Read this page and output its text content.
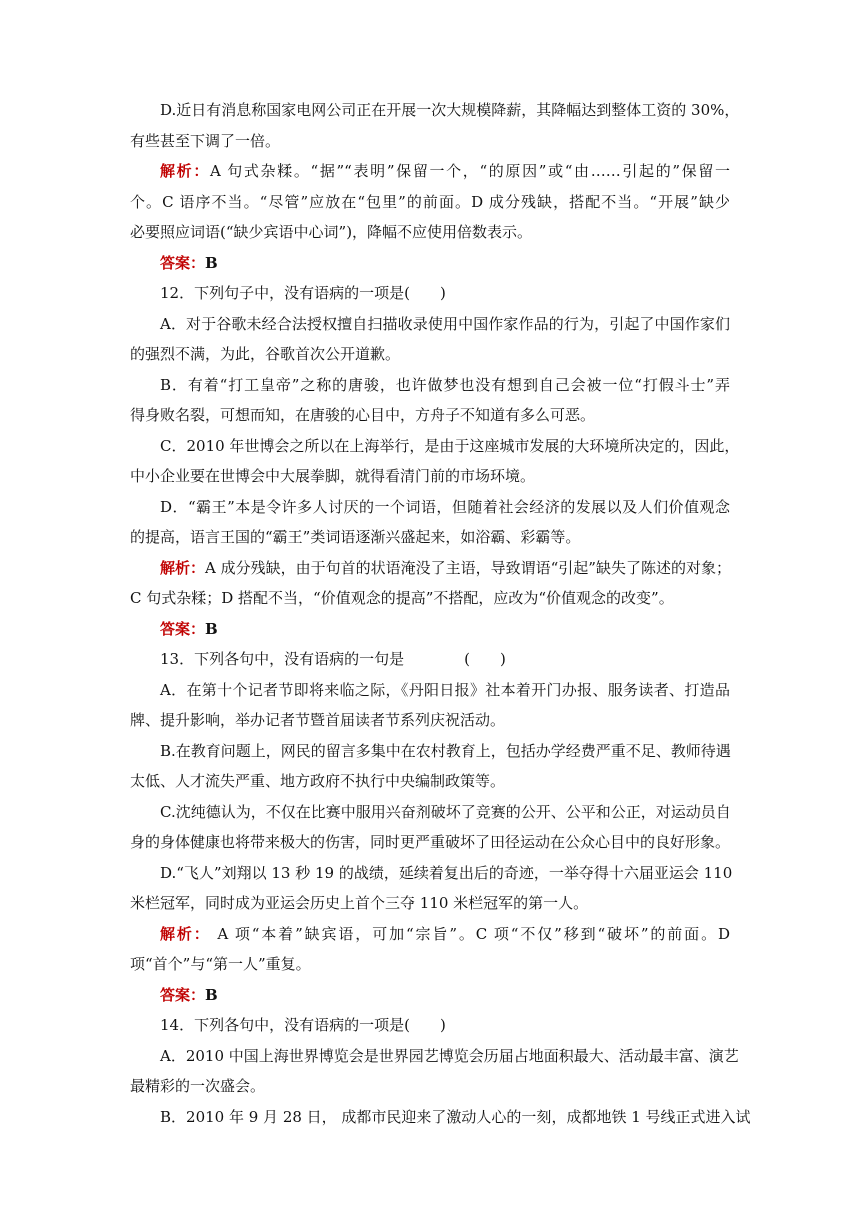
D.近日有消息称国家电网公司正在开展一次大规模降薪，其降幅达到整体工资的 30%，
有些甚至下调了一倍。
解析：A 句式杂糅。“据”“表明”保留一个，“的原因”或“由……引起的”保留一
个。C 语序不当。“尽管”应放在“包里”的前面。D 成分残缺，搭配不当。“开展”缺少
必要照应词语(“缺少宾语中心词”)，降幅不应使用倍数表示。
答案：B
12．下列句子中，没有语病的一项是(　　)
A．对于谷歌未经合法授权擅自扫描收录使用中国作家作品的行为，引起了中国作家们
的强烈不满，为此，谷歌首次公开道歉。
B．有着“打工皇帝”之称的唐骏，也许做梦也没有想到自己会被一位“打假斗士”弄
得身败名裂，可想而知，在唐骏的心目中，方舟子不知道有多么可恶。
C．2010 年世博会之所以在上海举行，是由于这座城市发展的大环境所决定的，因此，
中小企业要在世博会中大展拳脚，就得看清门前的市场环境。
D．“霸王”本是令许多人讨厌的一个词语，但随着社会经济的发展以及人们价值观念
的提高，语言王国的“霸王”类词语逐渐兴盛起来，如浴霸、彩霸等。
解析：A 成分残缺，由于句首的状语淹没了主语，导致谓语“引起”缺失了陈述的对象；
C 句式杂糅；D 搭配不当，“价值观念的提高”不搭配，应改为“价值观念的改变”。
答案：B
13．下列各句中，没有语病的一句是　　　　(　　)
A．在第十个记者节即将来临之际，《丹阳日报》社本着开门办报、服务读者、打造品
牌、提升影响，举办记者节暨首届读者节系列庆祝活动。
B.在教育问题上，网民的留言多集中在农村教育上，包括办学经费严重不足、教师待遇
太低、人才流失严重、地方政府不执行中央编制政策等。
C.沈纯德认为，不仅在比赛中服用兴奋剂破坏了竞赛的公开、公平和公正，对运动员自
身的身体健康也将带来极大的伤害，同时更严重破坏了田径运动在公众心目中的良好形象。
D.“飞人”刘翔以 13 秒 19 的战绩，延续着复出后的奇迹，一举夺得十六届亚运会 110
米栏冠军，同时成为亚运会历史上首个三夺 110 米栏冠军的第一人。
解析： A 项“本着”缺宾语，可加“宗旨”。C 项“不仅”移到“破坏”的前面。D
项“首个”与“第一人”重复。
答案：B
14．下列各句中，没有语病的一项是(　　)
A．2010 中国上海世界博览会是世界园艺博览会历届占地面积最大、活动最丰富、演艺
最精彩的一次盛会。
B．2010 年 9 月 28 日， 成都市民迎来了激动人心的一刻，成都地铁 1 号线正式进入试
